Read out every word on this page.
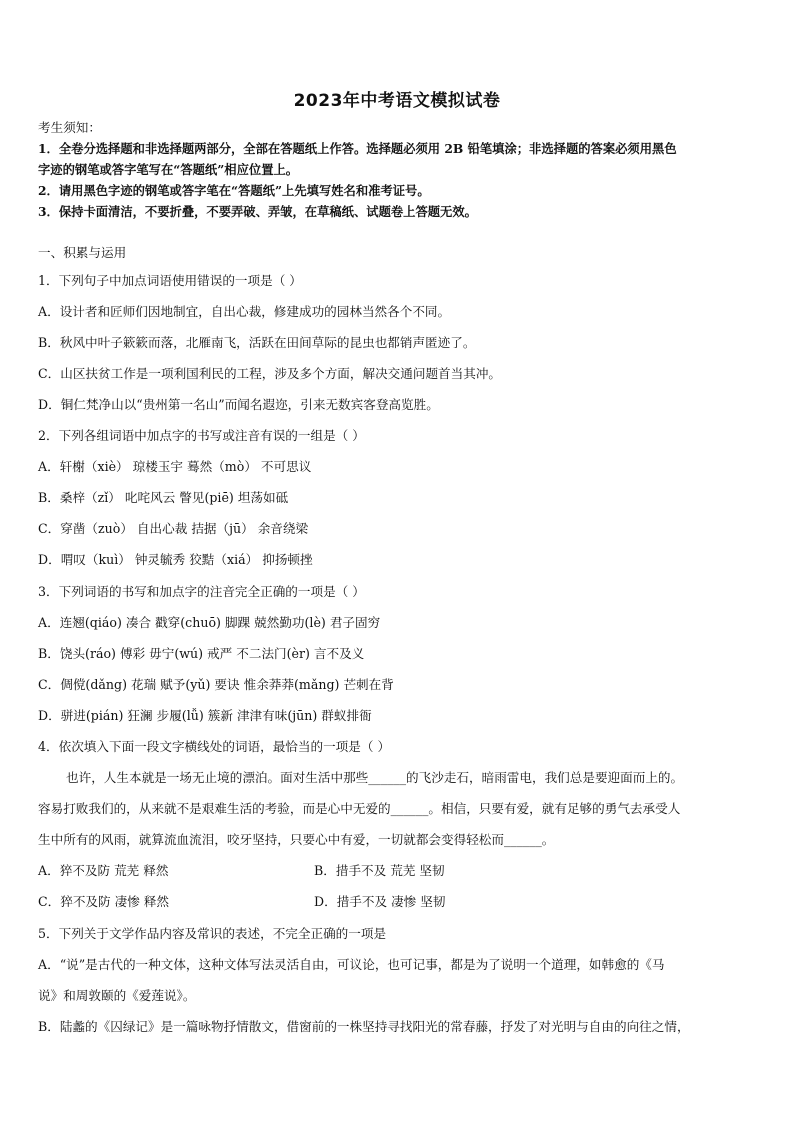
2023年中考语文模拟试卷
考生须知：
1．全卷分选择题和非选择题两部分，全部在答题纸上作答。选择题必须用 2B 铅笔填涂；非选择题的答案必须用黑色
字迹的钢笔或答字笔写在“答题纸”相应位置上。
2．请用黑色字迹的钢笔或答字笔在“答题纸”上先填写姓名和准考证号。
3．保持卡面清洁，不要折叠，不要弄破、弄皱，在草稿纸、试题卷上答题无效。
一、积累与运用
1．下列句子中加点词语使用错误的一项是（ ）
A．设计者和匠师们因地制宜，自出心裁，修建成功的园林当然各个不同。
B．秋风中叶子簌簌而落，北雁南飞，活跃在田间草际的昆虫也都销声匿迹了。
C．山区扶贫工作是一项利国利民的工程，涉及多个方面，解决交通问题首当其冲。
D．铜仁梵净山以“贵州第一名山”而闻名遐迩，引来无数宾客登高览胜。
2．下列各组词语中加点字的书写或注音有误的一组是（ ）
A．轩榭（xiè） 琼楼玉宇 蓦然（mò） 不可思议
B．桑梓（zǐ） 叱咤风云 瞥见(piē) 坦荡如砥
C．穿凿（zuò） 自出心裁 拮据（jū） 余音绕梁
D．喟叹（kuì） 钟灵毓秀 狡黠（xiá） 抑扬顿挫
3．下列词语的书写和加点字的注音完全正确的一项是（ ）
A．连翘(qiáo) 凑合 戳穿(chuō) 脚踝 兢然勤功(lè) 君子固穷
B．饶头(ráo) 傅彩 毋宁(wú) 戒严 不二法门(èr) 言不及义
C．倜傥(dǎng) 花瑞 赋予(yǔ) 要诀 惟余莽莽(mǎng) 芒刺在背
D．骈进(pián) 狂澜 步履(lǚ) 簇新 津津有味(jūn) 群蚁排衙
4．依次填入下面一段文字横线处的词语，最恰当的一项是（ ）
也许，人生本就是一场无止境的漂泊。面对生活中那些______的飞沙走石，暗雨雷电，我们总是要迎面而上的。
容易打败我们的，从来就不是艰难生活的考验，而是心中无爱的______。相信，只要有爱，就有足够的勇气去承受人
生中所有的风雨，就算流血流泪，咬牙坚持，只要心中有爱，一切就都会变得轻松而______。
A．猝不及防 荒芜 释然	B．措手不及 荒芜 坚韧
C．猝不及防 凄惨 释然	D．措手不及 凄惨 坚韧
5．下列关于文学作品内容及常识的表述，不完全正确的一项是
A．“说”是古代的一种文体，这种文体写法灵活自由，可议论，也可记事，都是为了说明一个道理，如韩愈的《马
说》和周敦颐的《爱莲说》。
B．陆蠡的《囚绿记》是一篇咏物抒情散文，借窗前的一株坚持寻找阳光的常春藤，抒发了对光明与自由的向往之情，
